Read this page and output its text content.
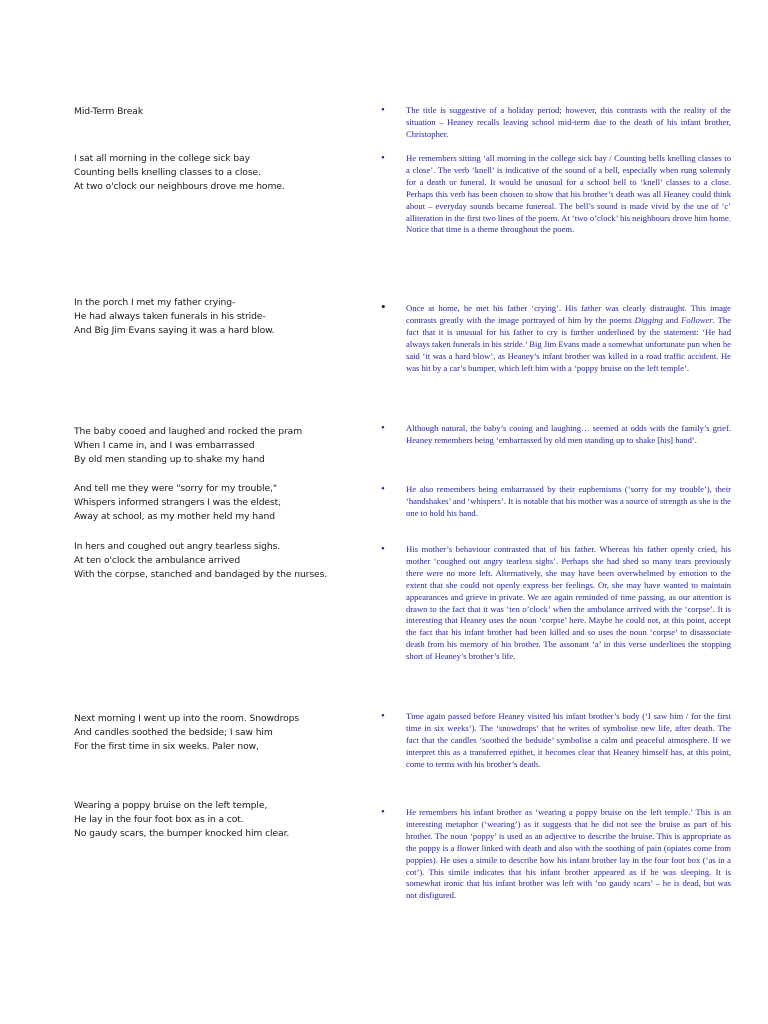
Mid-Term Break
I sat all morning in the college sick bay
Counting bells knelling classes to a close.
At two o'clock our neighbours drove me home.
In the porch I met my father crying-
He had always taken funerals in his stride-
And Big Jim Evans saying it was a hard blow.
The baby cooed and laughed and rocked the pram
When I came in, and I was embarrassed
By old men standing up to shake my hand
And tell me they were "sorry for my trouble,"
Whispers informed strangers I was the eldest,
Away at school, as my mother held my hand
In hers and coughed out angry tearless sighs.
At ten o'clock the ambulance arrived
With the corpse, stanched and bandaged by the nurses.
Next morning I went up into the room. Snowdrops
And candles soothed the bedside; I saw him
For the first time in six weeks. Paler now,
Wearing a poppy bruise on the left temple,
He lay in the four foot box as in a cot.
No gaudy scars, the bumper knocked him clear.
• The title is suggestive of a holiday period; however, this contrasts with the reality of the situation – Heaney recalls leaving school mid-term due to the death of his infant brother, Christopher.
• He remembers sitting ‘all morning in the college sick bay / Counting bells knelling classes to a close’. The verb ‘knell’ is indicative of the sound of a bell, especially when rung solemnly for a death or funeral. It would be unusual for a school bell to ‘knell’ classes to a close. Perhaps this verb has been chosen to show that his brother’s death was all Heaney could think about – everyday sounds became funereal. The bell’s sound is made vivid by the use of ‘c’ alliteration in the first two lines of the poem. At ‘two o’clock’ his neighbours drove him home. Notice that time is a theme throughout the poem.
• Once at home, he met his father ‘crying’. His father was clearly distraught. This image contrasts greatly with the image portrayed of him by the poems Digging and Follower. The fact that it is unusual for his father to cry is further underlined by the statement: ‘He had always taken funerals in his stride.’ Big Jim Evans made a somewhat unfortunate pun when he said ‘it was a hard blow’, as Heaney’s infant brother was killed in a road traffic accident. He was hit by a car’s bumper, which left him with a ‘poppy bruise on the left temple’.
• Although natural, the baby’s cooing and laughing… seemed at odds with the family’s grief. Heaney remembers being ‘embarrassed by old men standing up to shake [his] hand’.
• He also remembers being embarrassed by their euphemisms (‘sorry for my trouble’), their ‘handshakes’ and ‘whispers’. It is notable that his mother was a source of strength as she is the one to hold his hand.
• His mother’s behaviour contrasted that of his father. Whereas his father openly cried, his mother ‘coughed out angry tearless sighs’. Perhaps she had shed so many tears previously there were no more left. Alternatively, she may have been overwhelmed by emotion to the extent that she could not openly express her feelings. Or, she may have wanted to maintain appearances and grieve in private. We are again reminded of time passing, as our attention is drawn to the fact that it was ‘ten o’clock’ when the ambulance arrived with the ‘corpse’. It is interesting that Heaney uses the noun ‘corpse’ here. Maybe he could not, at this point, accept the fact that his infant brother had been killed and so uses the noun ‘corpse’ to disassociate death from his memory of his brother. The assonant ‘a’ in this verse underlines the stopping short of Heaney’s brother’s life.
• Time again passed before Heaney visited his infant brother’s body (‘I saw him / for the first time in six weeks’). The ‘snowdrops’ that he writes of symbolise new life, after death. The fact that the candles ‘soothed the bedside’ symbolise a calm and peaceful atmosphere. If we interpret this as a transferred epithet, it becomes clear that Heaney himself has, at this point, come to terms with his brother’s death.
• He remembers his infant brother as ‘wearing a poppy bruise on the left temple.’ This is an interesting metaphor (‘wearing’) as it suggests that he did not see the bruise as part of his brother. The noun ‘poppy’ is used as an adjective to describe the bruise. This is appropriate as the poppy is a flower linked with death and also with the soothing of pain (opiates come from poppies). He uses a simile to describe how his infant brother lay in the four foot box (‘as in a cot’). This simile indicates that his infant brother appeared as if he was sleeping. It is somewhat ironic that his infant brother was left with ‘no gaudy scars’ – he is dead, but was not disfigured.
